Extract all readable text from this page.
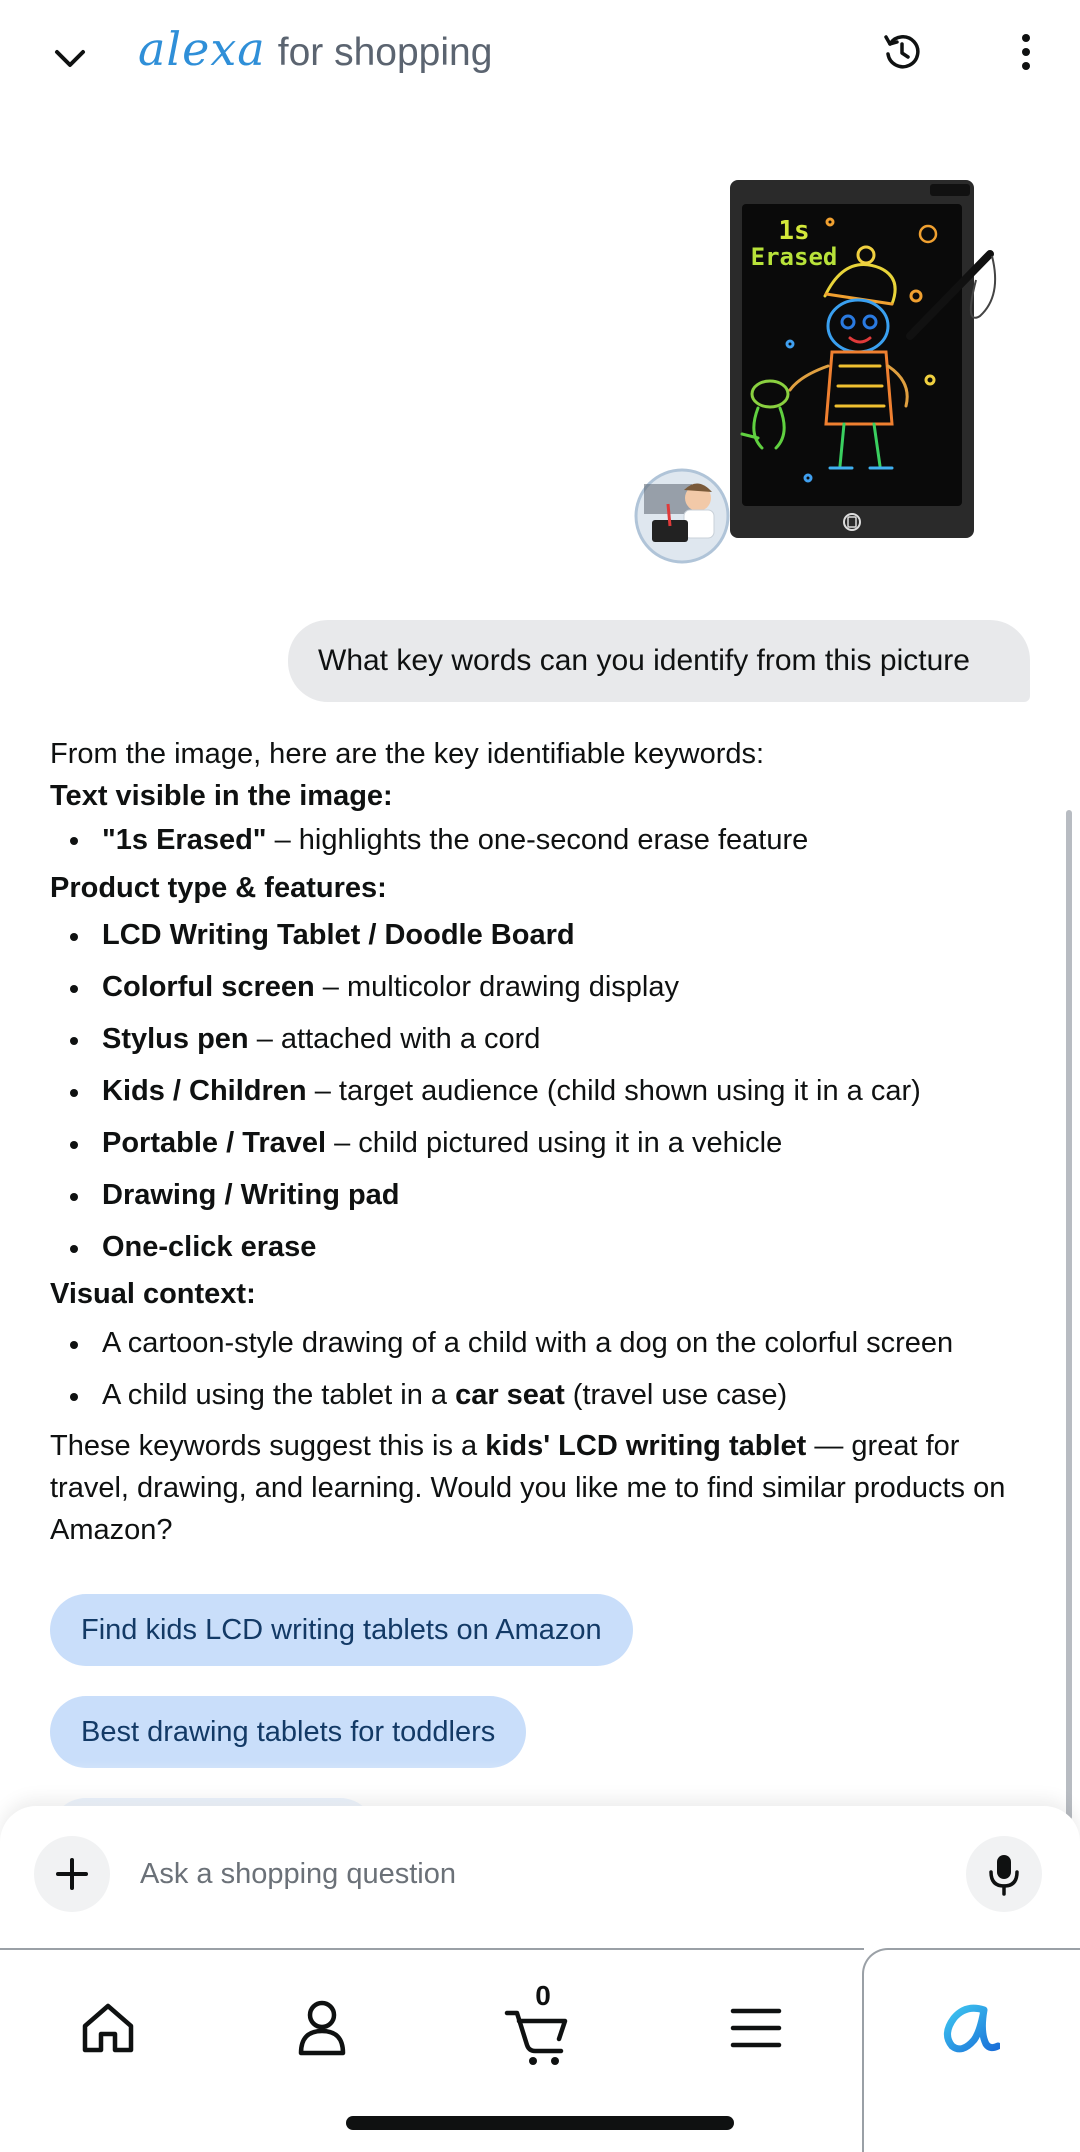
alexa for shopping
1s
Erased
What key words can you identify from this picture
From the image, here are the key identifiable keywords:
Text visible in the image:
"1s Erased" – highlights the one-second erase feature
Product type & features:
LCD Writing Tablet / Doodle Board
Colorful screen – multicolor drawing display
Stylus pen – attached with a cord
Kids / Children – target audience (child shown using it in a car)
Portable / Travel – child pictured using it in a vehicle
Drawing / Writing pad
One-click erase
Visual context:
A cartoon-style drawing of a child with a dog on the colorful screen
A child using the tablet in a car seat (travel use case)
These keywords suggest this is a kids' LCD writing tablet — great for travel, drawing, and learning. Would you like me to find similar products on Amazon?
Find kids LCD writing tablets on Amazon
Best drawing tablets for toddlers
Ask a shopping question
0
